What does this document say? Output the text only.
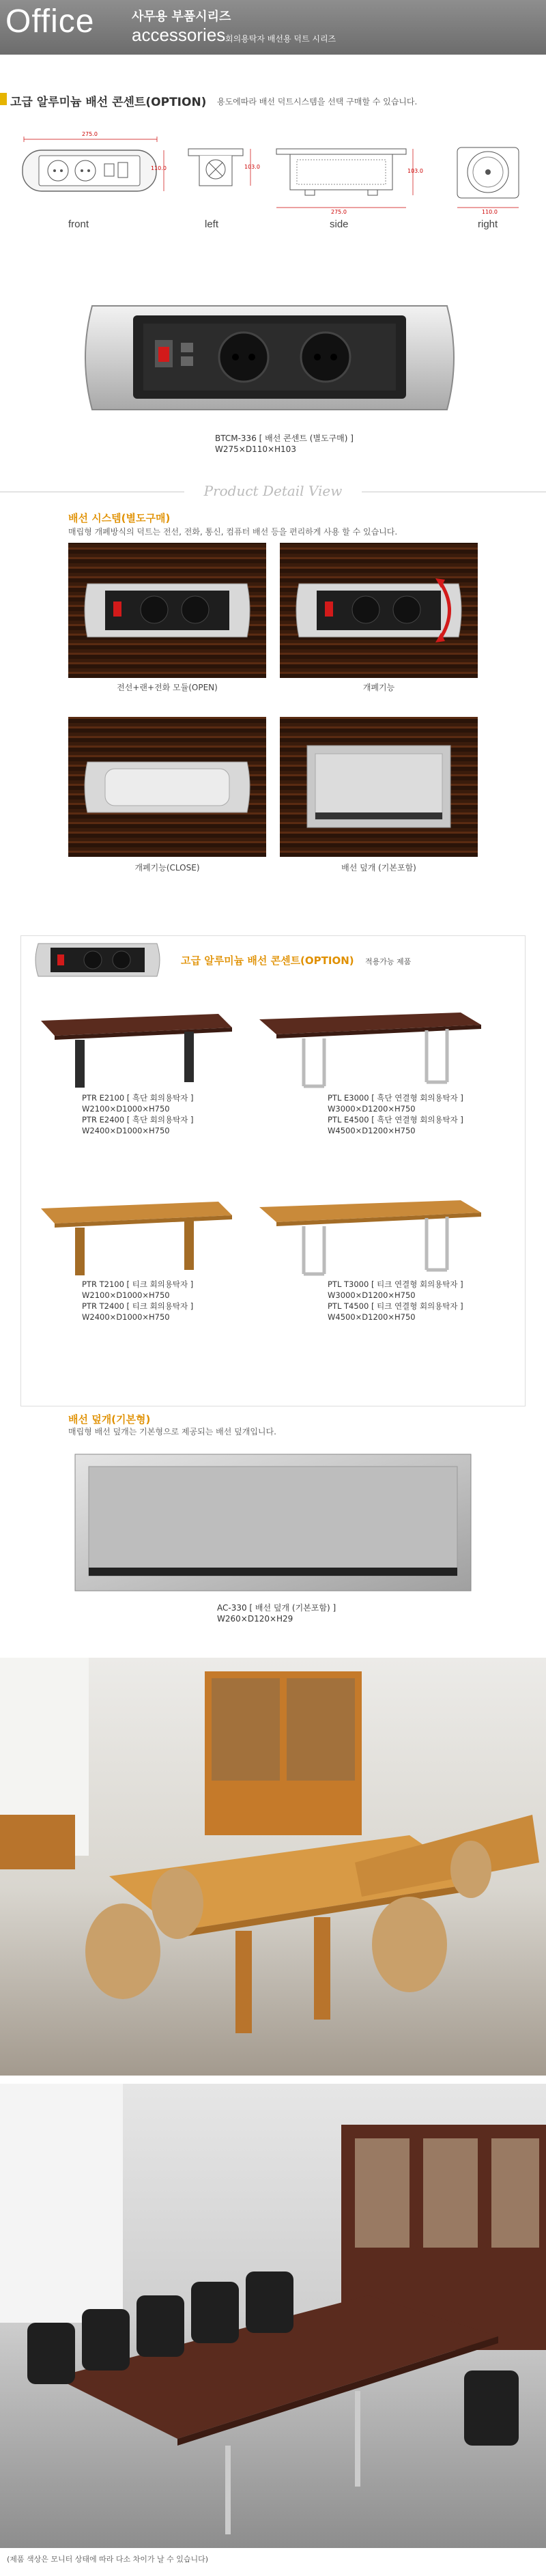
Office	사무용 부품시리즈
accessories 회의용탁자 배선용 덕트 시리즈
고급 알루미늄 배선 콘센트(OPTION) 용도에따라 배선 덕트시스템을 선택 구매할 수 있습니다.
275.0
110.0
front
103.0
left
103.0
275.0
side
110.0
right
BTCM-336 [ 배선 콘센트 (별도구매) ]
W275×D110×H103
Product Detail View
배선 시스템(별도구매)
매립형 개폐방식의 덕트는 전선, 전화, 통신, 컴퓨터 배선 등을 편리하게 사용 할 수 있습니다.
전선+랜+전화 모듈(OPEN)	개폐기능
개폐기능(CLOSE)	배선 덮개 (기본포함)
고급 알루미늄 배선 콘센트(OPTION) 적용가능 제품
PTR E2100 [ 흑단 회의용탁자 ]
W2100×D1000×H750
PTR E2400 [ 흑단 회의용탁자 ]
W2400×D1000×H750
PTL E3000 [ 흑단 연결형 회의용탁자 ]
W3000×D1200×H750
PTL E4500 [ 흑단 연결형 회의용탁자 ]
W4500×D1200×H750
PTR T2100 [ 티크 회의용탁자 ]
W2100×D1000×H750
PTR T2400 [ 티크 회의용탁자 ]
W2400×D1000×H750
PTL T3000 [ 티크 연결형 회의용탁자 ]
W3000×D1200×H750
PTL T4500 [ 티크 연결형 회의용탁자 ]
W4500×D1200×H750
배선 덮개(기본형)
매립형 배선 덮개는 기본형으로 제공되는 배선 덮개입니다.
AC-330 [ 배선 덮개 (기본포함) ]
W260×D120×H29
(제품 색상은 모니터 상태에 따라 다소 차이가 날 수 있습니다)
